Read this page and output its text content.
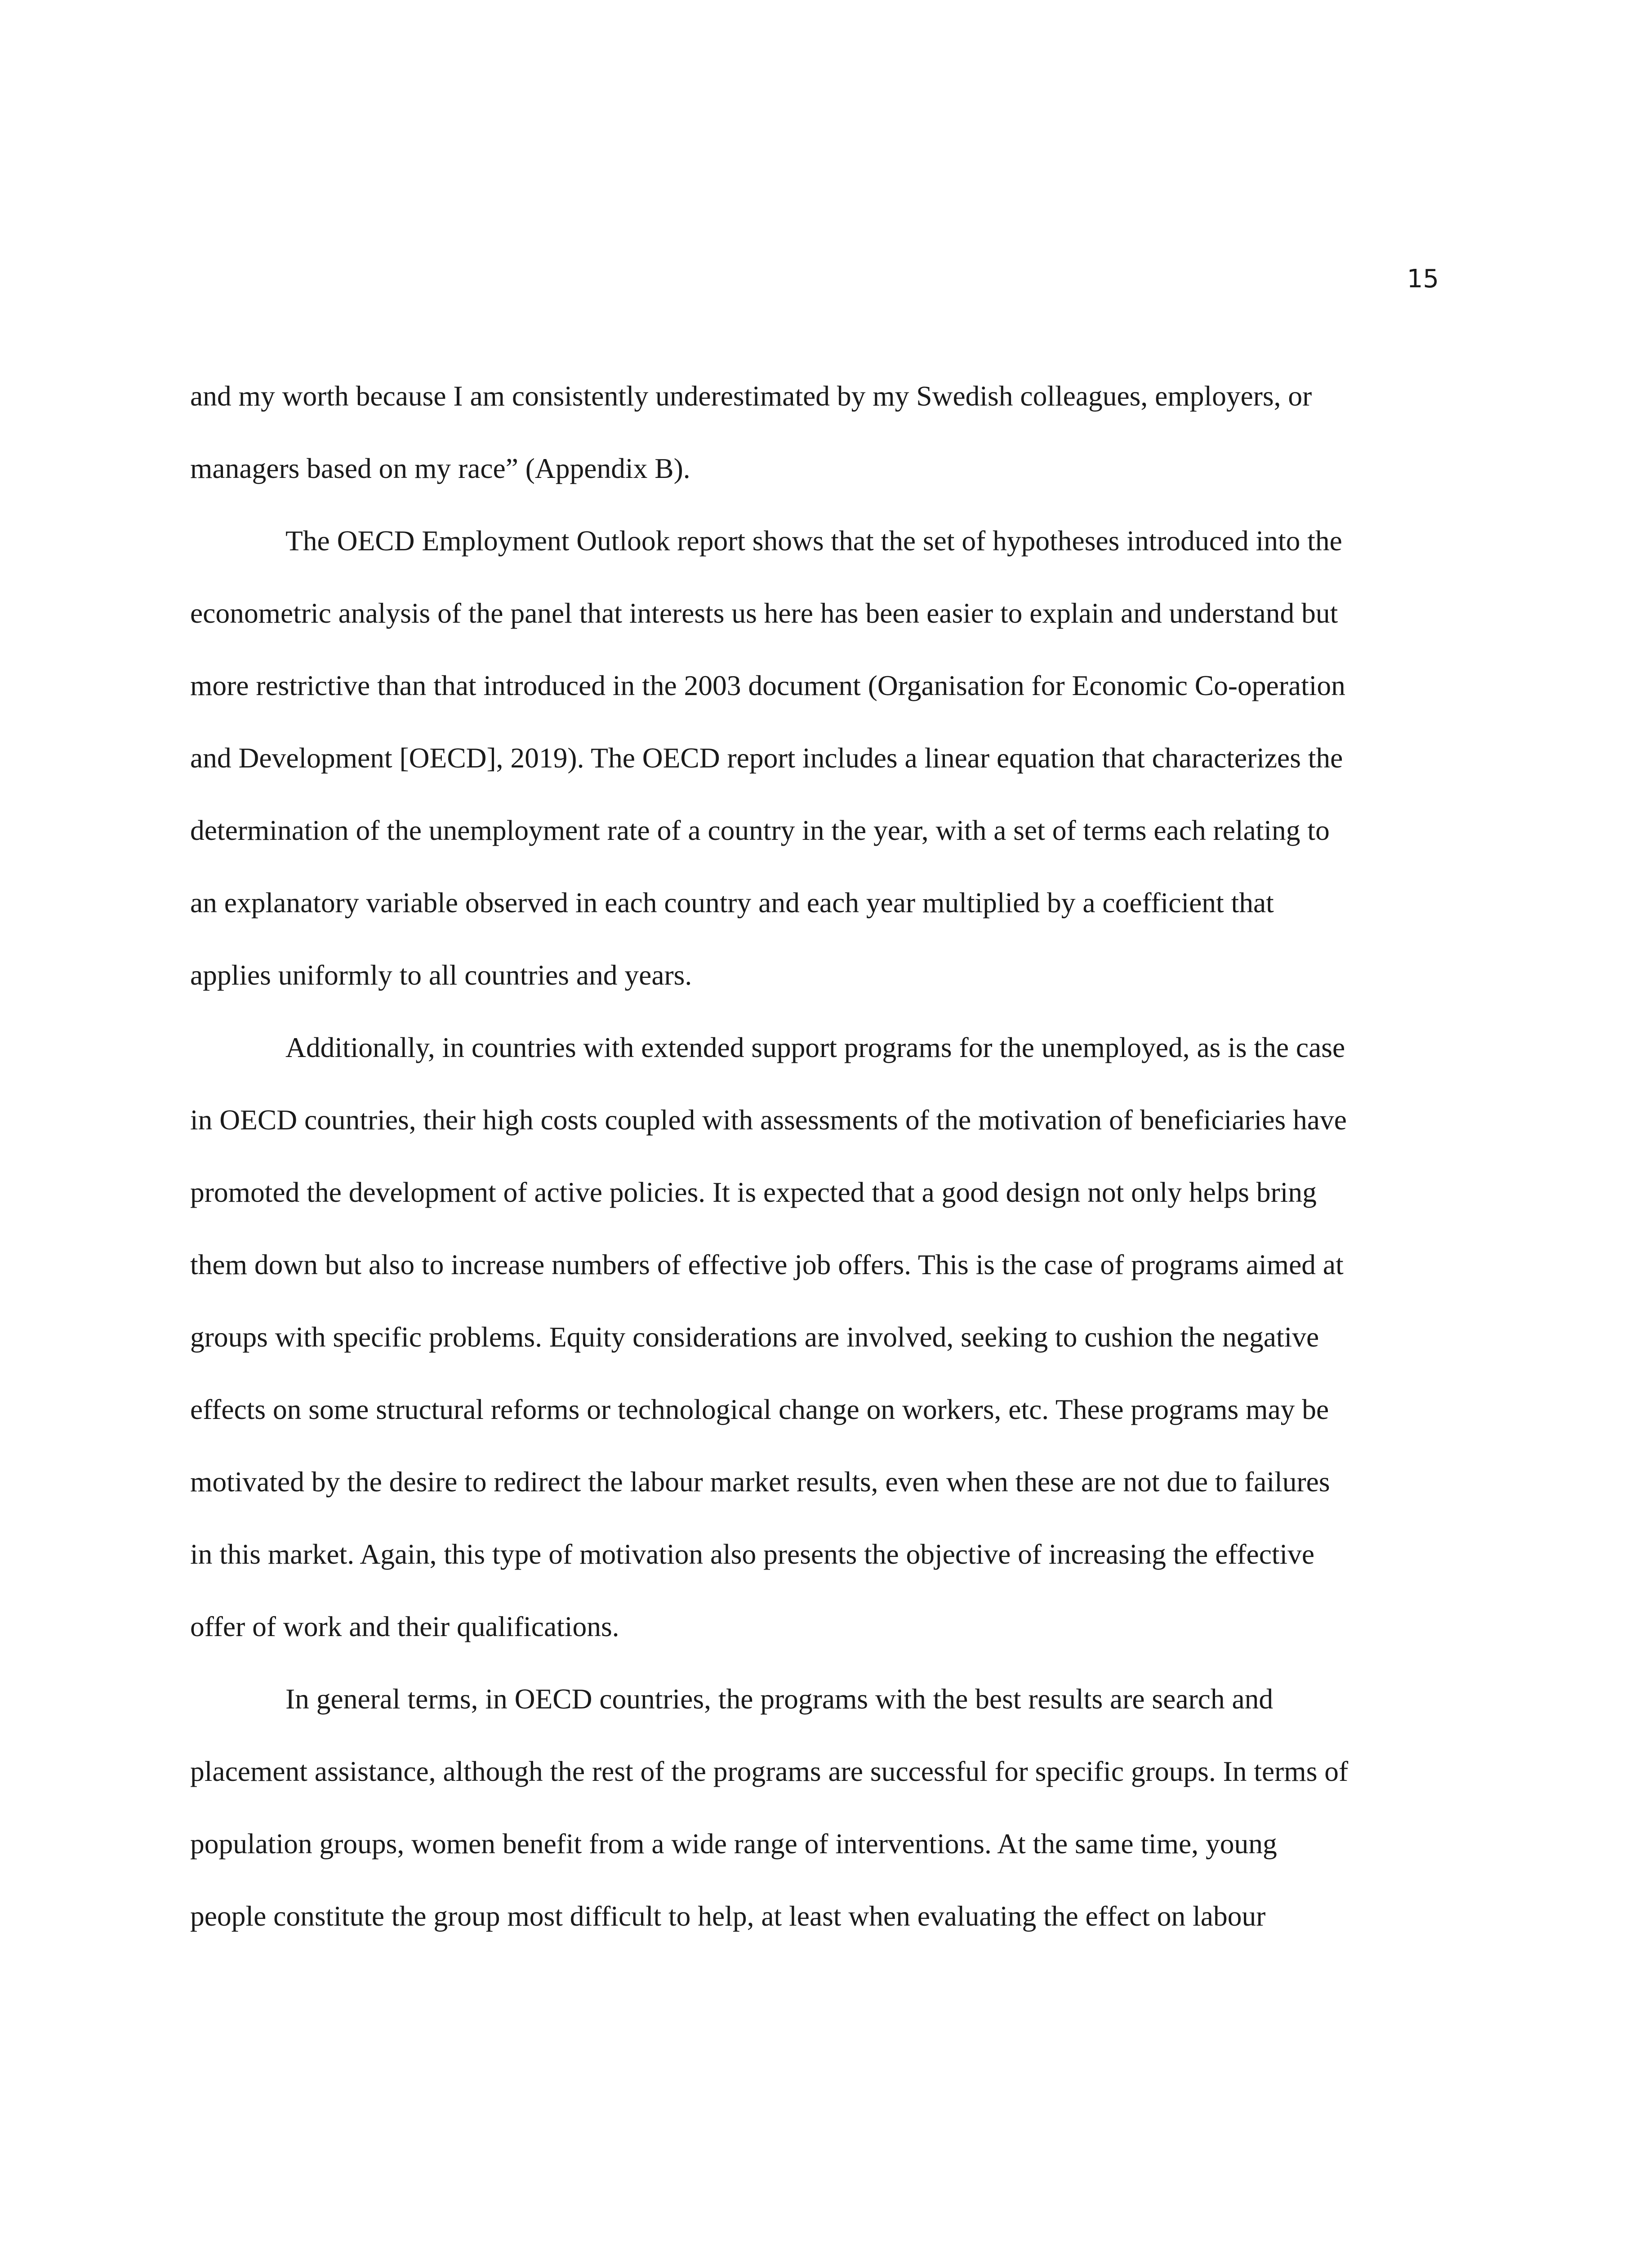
15

and my worth because I am consistently underestimated by my Swedish colleagues, employers, or
managers based on my race” (Appendix B).

The OECD Employment Outlook report shows that the set of hypotheses introduced into the
econometric analysis of the panel that interests us here has been easier to explain and understand but
more restrictive than that introduced in the 2003 document (Organisation for Economic Co-operation
and Development [OECD], 2019). The OECD report includes a linear equation that characterizes the
determination of the unemployment rate of a country in the year, with a set of terms each relating to
an explanatory variable observed in each country and each year multiplied by a coefficient that
applies uniformly to all countries and years.

Additionally, in countries with extended support programs for the unemployed, as is the case
in OECD countries, their high costs coupled with assessments of the motivation of beneficiaries have
promoted the development of active policies. It is expected that a good design not only helps bring
them down but also to increase numbers of effective job offers. This is the case of programs aimed at
groups with specific problems. Equity considerations are involved, seeking to cushion the negative
effects on some structural reforms or technological change on workers, etc. These programs may be
motivated by the desire to redirect the labour market results, even when these are not due to failures
in this market. Again, this type of motivation also presents the objective of increasing the effective
offer of work and their qualifications.

In general terms, in OECD countries, the programs with the best results are search and
placement assistance, although the rest of the programs are successful for specific groups. In terms of
population groups, women benefit from a wide range of interventions. At the same time, young
people constitute the group most difficult to help, at least when evaluating the effect on labour
